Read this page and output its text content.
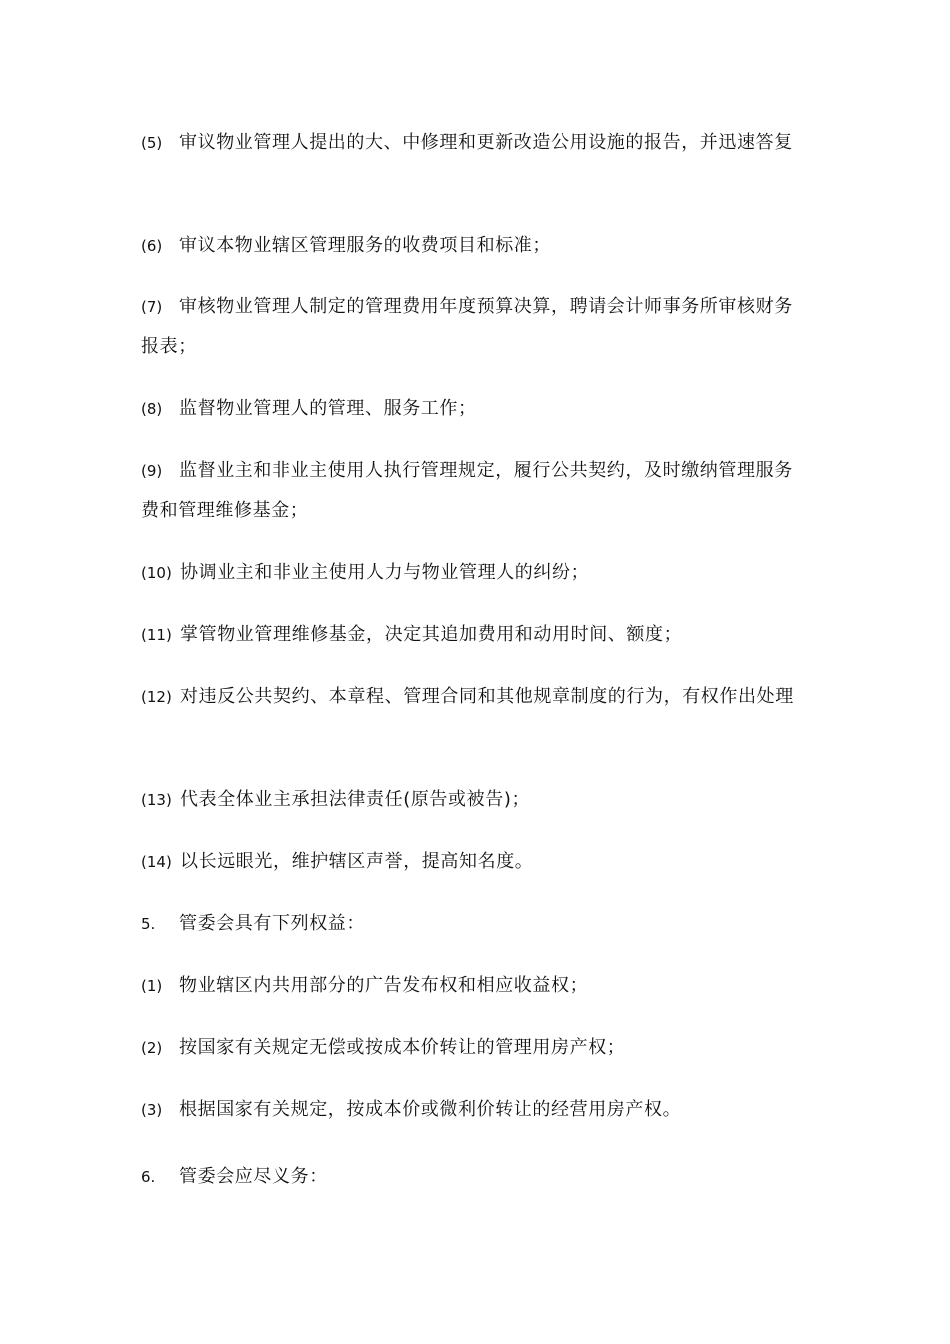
(5) 审议物业管理人提出的大、中修理和更新改造公用设施的报告，并迅速答复

(6) 审议本物业辖区管理服务的收费项目和标准；

(7) 审核物业管理人制定的管理费用年度预算决算，聘请会计师事务所审核财务报表；

(8) 监督物业管理人的管理、服务工作；

(9) 监督业主和非业主使用人执行管理规定，履行公共契约，及时缴纳管理服务费和管理维修基金；

(10) 协调业主和非业主使用人力与物业管理人的纠纷；

(11) 掌管物业管理维修基金，决定其追加费用和动用时间、额度；

(12) 对违反公共契约、本章程、管理合同和其他规章制度的行为，有权作出处理

(13) 代表全体业主承担法律责任(原告或被告)；

(14) 以长远眼光，维护辖区声誉，提高知名度。

5. 管委会具有下列权益：

(1) 物业辖区内共用部分的广告发布权和相应收益权；

(2) 按国家有关规定无偿或按成本价转让的管理用房产权；

(3) 根据国家有关规定，按成本价或微利价转让的经营用房产权。

6. 管委会应尽义务：
